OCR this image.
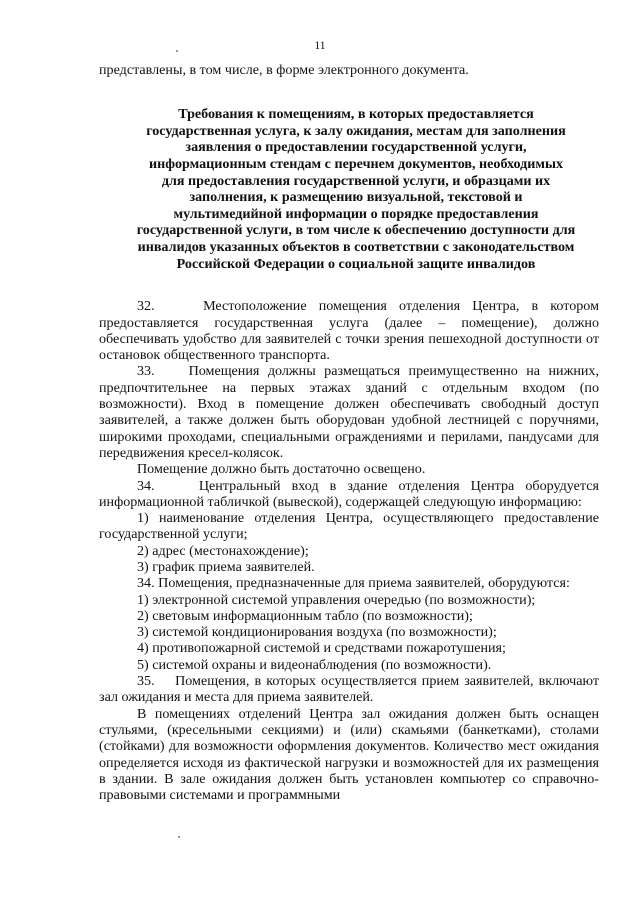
11

представлены, в том числе, в форме электронного документа.

Требования к помещениям, в которых предоставляется
государственная услуга, к залу ожидания, местам для заполнения
заявления о предоставлении государственной услуги,
информационным стендам с перечнем документов, необходимых
для предоставления государственной услуги, и образцами их
заполнения, к размещению визуальной, текстовой и
мультимедийной информации о порядке предоставления
государственной услуги, в том числе к обеспечению доступности для
инвалидов указанных объектов в соответствии с законодательством
Российской Федерации о социальной защите инвалидов

32.    Местоположение помещения отделения Центра, в котором предоставляется государственная услуга (далее – помещение), должно обеспечивать удобство для заявителей с точки зрения пешеходной доступности от остановок общественного транспорта.

33.    Помещения должны размещаться преимущественно на нижних, предпочтительнее на первых этажах зданий с отдельным входом (по возможности). Вход в помещение должен обеспечивать свободный доступ заявителей, а также должен быть оборудован удобной лестницей с поручнями, широкими проходами, специальными ограждениями и перилами, пандусами для передвижения кресел-колясок.

Помещение должно быть достаточно освещено.

34.    Центральный вход в здание отделения Центра оборудуется информационной табличкой (вывеской), содержащей следующую информацию:

1) наименование отделения Центра, осуществляющего предоставление государственной услуги;

2) адрес (местонахождение);

3) график приема заявителей.

34. Помещения, предназначенные для приема заявителей, оборудуются:

1) электронной системой управления очередью (по возможности);

2) световым информационным табло (по возможности);

3) системой кондиционирования воздуха (по возможности);

4) противопожарной системой и средствами пожаротушения;

5) системой охраны и видеонаблюдения (по возможности).

35.    Помещения, в которых осуществляется прием заявителей, включают зал ожидания и места для приема заявителей.

В помещениях отделений Центра зал ожидания должен быть оснащен стульями, (кресельными секциями) и (или) скамьями (банкетками), столами (стойками) для возможности оформления документов. Количество мест ожидания определяется исходя из фактической нагрузки и возможностей для их размещения в здании. В зале ожидания должен быть установлен компьютер со справочно-правовыми системами и программными
